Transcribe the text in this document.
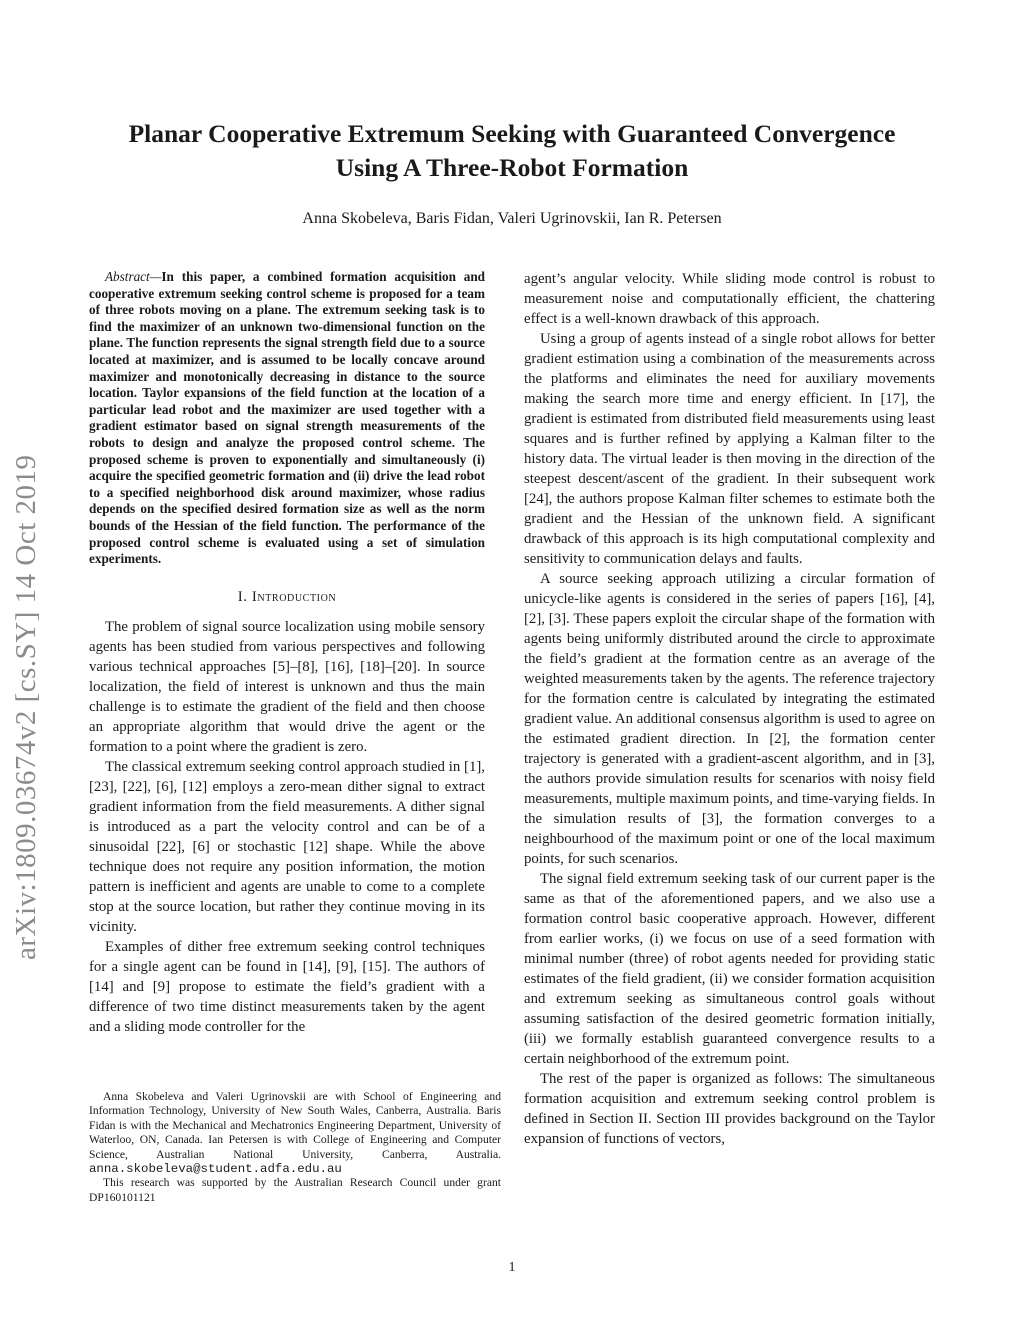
arXiv:1809.03674v2 [cs.SY] 14 Oct 2019
Planar Cooperative Extremum Seeking with Guaranteed Convergence
Using A Three-Robot Formation
Anna Skobeleva, Baris Fidan, Valeri Ugrinovskii, Ian R. Petersen

Abstract—In this paper, a combined formation acquisition and cooperative extremum seeking control scheme is proposed for a team of three robots moving on a plane. The extremum seeking task is to find the maximizer of an unknown two-dimensional function on the plane. The function represents the signal strength field due to a source located at maximizer, and is assumed to be locally concave around maximizer and monotonically decreasing in distance to the source location. Taylor expansions of the field function at the location of a particular lead robot and the maximizer are used together with a gradient estimator based on signal strength measurements of the robots to design and analyze the proposed control scheme. The proposed scheme is proven to exponentially and simultaneously (i) acquire the specified geometric formation and (ii) drive the lead robot to a specified neighborhood disk around maximizer, whose radius depends on the specified desired formation size as well as the norm bounds of the Hessian of the field function. The performance of the proposed control scheme is evaluated using a set of simulation experiments.

I. Introduction

The problem of signal source localization using mobile sensory agents has been studied from various perspectives and following various technical approaches [5]–[8], [16], [18]–[20]. In source localization, the field of interest is unknown and thus the main challenge is to estimate the gradient of the field and then choose an appropriate algorithm that would drive the agent or the formation to a point where the gradient is zero.

The classical extremum seeking control approach studied in [1], [23], [22], [6], [12] employs a zero-mean dither signal to extract gradient information from the field measurements. A dither signal is introduced as a part the velocity control and can be of a sinusoidal [22], [6] or stochastic [12] shape. While the above technique does not require any position information, the motion pattern is inefficient and agents are unable to come to a complete stop at the source location, but rather they continue moving in its vicinity.

Examples of dither free extremum seeking control techniques for a single agent can be found in [14], [9], [15]. The authors of [14] and [9] propose to estimate the field’s gradient with a difference of two time distinct measurements taken by the agent and a sliding mode controller for the

Anna Skobeleva and Valeri Ugrinovskii are with School of Engineering and Information Technology, University of New South Wales, Canberra, Australia. Baris Fidan is with the Mechanical and Mechatronics Engineering Department, University of Waterloo, ON, Canada. Ian Petersen is with College of Engineering and Computer Science, Australian National University, Canberra, Australia. anna.skobeleva@student.adfa.edu.au

This research was supported by the Australian Research Council under grant DP160101121

agent’s angular velocity. While sliding mode control is robust to measurement noise and computationally efficient, the chattering effect is a well-known drawback of this approach.

Using a group of agents instead of a single robot allows for better gradient estimation using a combination of the measurements across the platforms and eliminates the need for auxiliary movements making the search more time and energy efficient. In [17], the gradient is estimated from distributed field measurements using least squares and is further refined by applying a Kalman filter to the history data. The virtual leader is then moving in the direction of the steepest descent/ascent of the gradient. In their subsequent work [24], the authors propose Kalman filter schemes to estimate both the gradient and the Hessian of the unknown field. A significant drawback of this approach is its high computational complexity and sensitivity to communication delays and faults.

A source seeking approach utilizing a circular formation of unicycle-like agents is considered in the series of papers [16], [4], [2], [3]. These papers exploit the circular shape of the formation with agents being uniformly distributed around the circle to approximate the field’s gradient at the formation centre as an average of the weighted measurements taken by the agents. The reference trajectory for the formation centre is calculated by integrating the estimated gradient value. An additional consensus algorithm is used to agree on the estimated gradient direction. In [2], the formation center trajectory is generated with a gradient-ascent algorithm, and in [3], the authors provide simulation results for scenarios with noisy field measurements, multiple maximum points, and time-varying fields. In the simulation results of [3], the formation converges to a neighbourhood of the maximum point or one of the local maximum points, for such scenarios.

The signal field extremum seeking task of our current paper is the same as that of the aforementioned papers, and we also use a formation control basic cooperative approach. However, different from earlier works, (i) we focus on use of a seed formation with minimal number (three) of robot agents needed for providing static estimates of the field gradient, (ii) we consider formation acquisition and extremum seeking as simultaneous control goals without assuming satisfaction of the desired geometric formation initially, (iii) we formally establish guaranteed convergence results to a certain neighborhood of the extremum point.

The rest of the paper is organized as follows: The simultaneous formation acquisition and extremum seeking control problem is defined in Section II. Section III provides background on the Taylor expansion of functions of vectors,

1
